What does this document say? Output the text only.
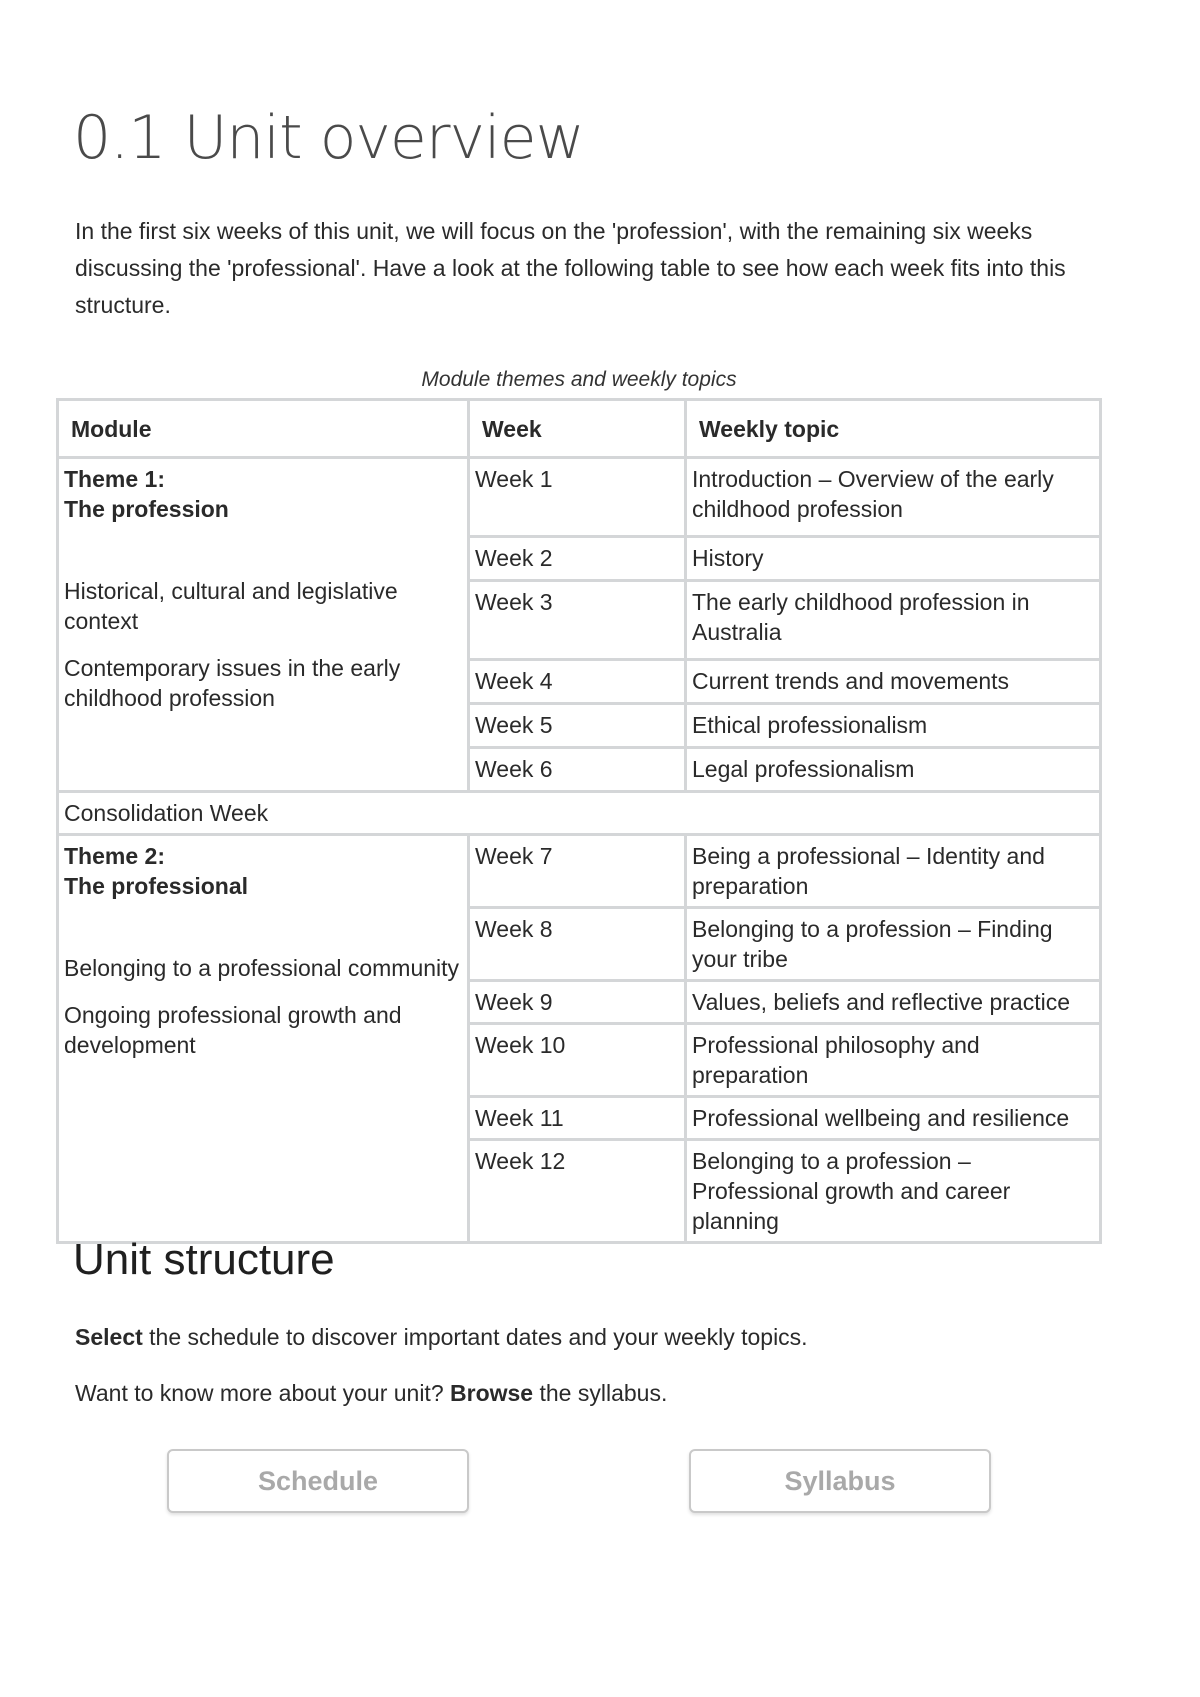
0.1 Unit overview

In the first six weeks of this unit, we will focus on the 'profession', with the remaining six weeks discussing the 'professional'. Have a look at the following table to see how each week fits into this structure.

Module themes and weekly topics
Module	Week	Weekly topic

Theme 1:
The profession
Historical, cultural and legislative context
Contemporary issues in the early childhood profession	Week 1	Introduction – Overview of the early childhood profession
	Week 2	History
	Week 3	The early childhood profession in Australia
	Week 4	Current trends and movements
	Week 5	Ethical professionalism
	Week 6	Legal professionalism
Consolidation Week		

Theme 2:
The professional
Belonging to a professional community
Ongoing professional growth and development	Week 7	Being a professional – Identity and preparation
	Week 8	Belonging to a profession – Finding your tribe
	Week 9	Values, beliefs and reflective practice
	Week 10	Professional philosophy and preparation
	Week 11	Professional wellbeing and resilience
	Week 12	Belonging to a profession – Professional growth and career planning
Unit structure

Select the schedule to discover important dates and your weekly topics.

Want to know more about your unit? Browse the syllabus.

Schedule	Syllabus
